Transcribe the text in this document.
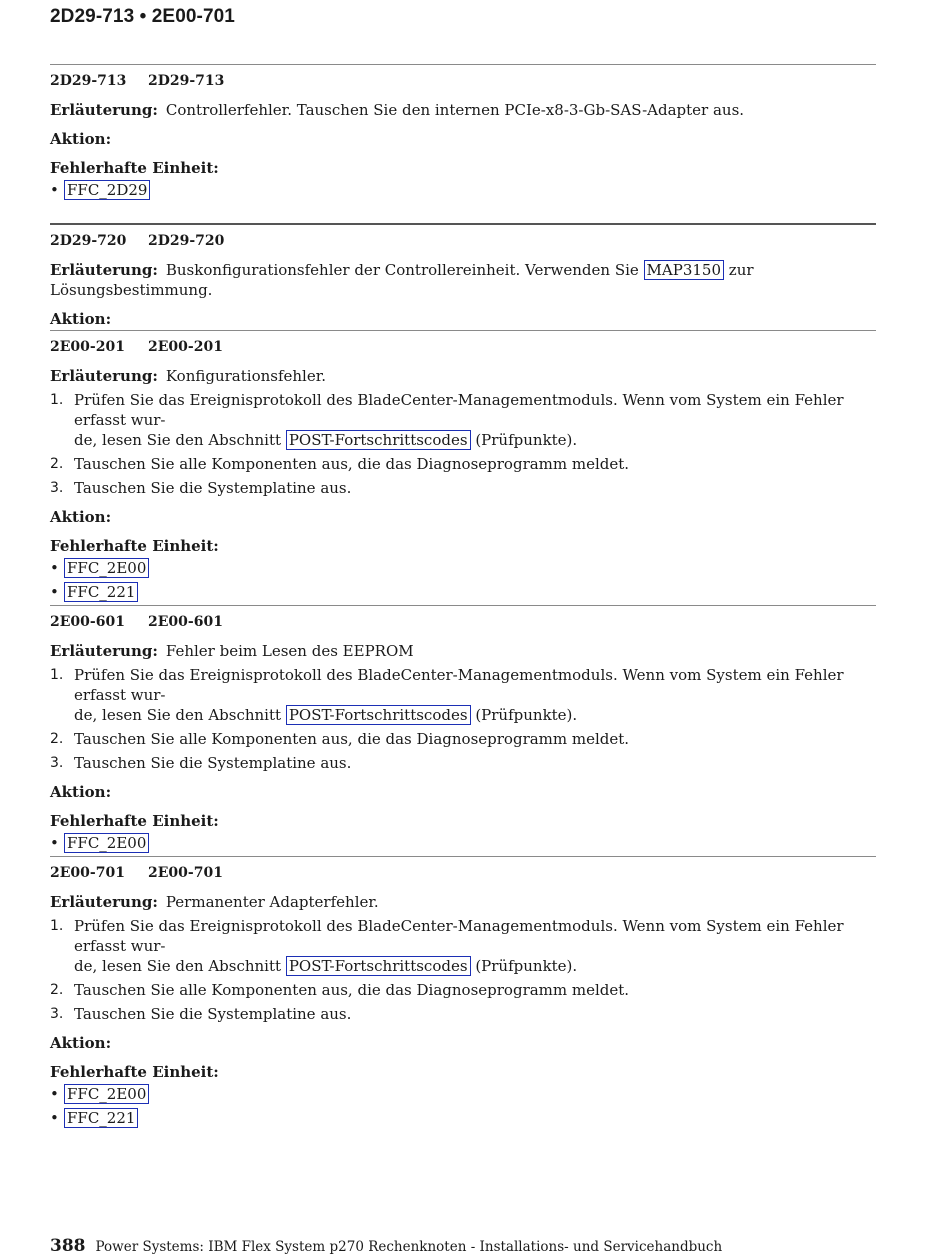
2D29-713 • 2E00-701
2D29-713 2D29-713
Erläuterung: Controllerfehler. Tauschen Sie den internen PCIe-x8-3-Gb-SAS-Adapter aus.
Aktion:
Fehlerhafte Einheit:
• FFC_2D29
2D29-720 2D29-720
Erläuterung: Buskonfigurationsfehler der Controllereinheit. Verwenden Sie MAP3150 zur Lösungsbestimmung.
Aktion:
2E00-201 2E00-201
Erläuterung: Konfigurationsfehler.
1. Prüfen Sie das Ereignisprotokoll des BladeCenter-Managementmoduls. Wenn vom System ein Fehler erfasst wur-
de, lesen Sie den Abschnitt POST-Fortschrittscodes (Prüfpunkte).
2. Tauschen Sie alle Komponenten aus, die das Diagnoseprogramm meldet.
3. Tauschen Sie die Systemplatine aus.
Aktion:
Fehlerhafte Einheit:
• FFC_2E00
• FFC_221
2E00-601 2E00-601
Erläuterung: Fehler beim Lesen des EEPROM
1. Prüfen Sie das Ereignisprotokoll des BladeCenter-Managementmoduls. Wenn vom System ein Fehler erfasst wur-
de, lesen Sie den Abschnitt POST-Fortschrittscodes (Prüfpunkte).
2. Tauschen Sie alle Komponenten aus, die das Diagnoseprogramm meldet.
3. Tauschen Sie die Systemplatine aus.
Aktion:
Fehlerhafte Einheit:
• FFC_2E00
2E00-701 2E00-701
Erläuterung: Permanenter Adapterfehler.
1. Prüfen Sie das Ereignisprotokoll des BladeCenter-Managementmoduls. Wenn vom System ein Fehler erfasst wur-
de, lesen Sie den Abschnitt POST-Fortschrittscodes (Prüfpunkte).
2. Tauschen Sie alle Komponenten aus, die das Diagnoseprogramm meldet.
3. Tauschen Sie die Systemplatine aus.
Aktion:
Fehlerhafte Einheit:
• FFC_2E00
• FFC_221
388 Power Systems: IBM Flex System p270 Rechenknoten - Installations- und Servicehandbuch
